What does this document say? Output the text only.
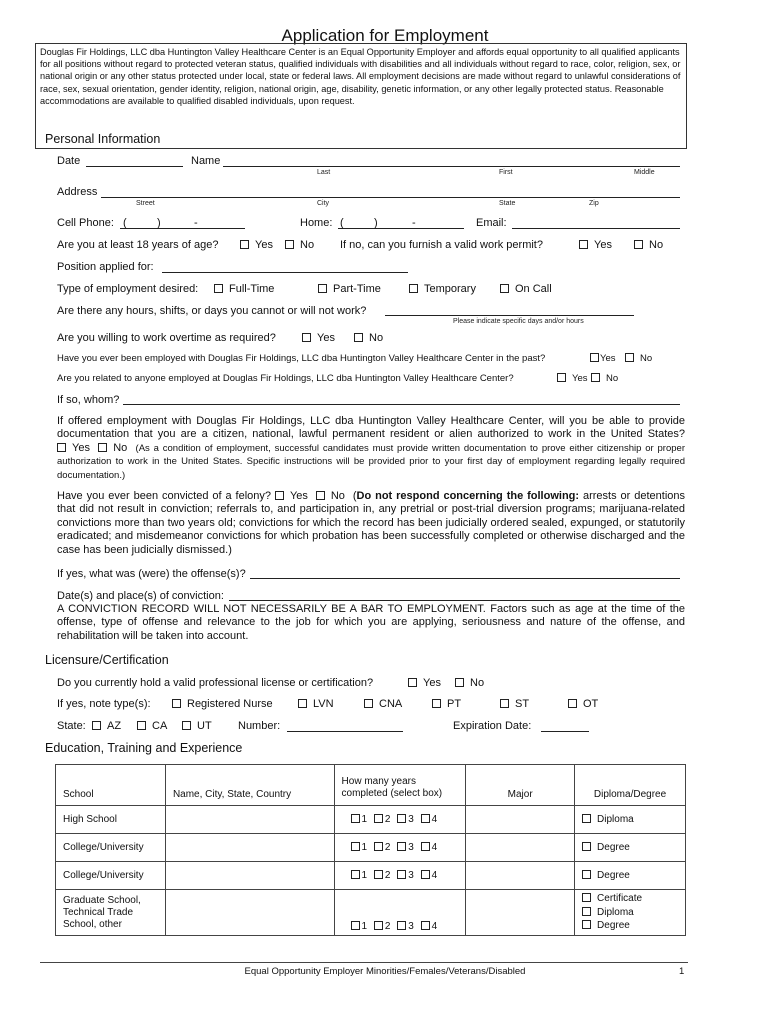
Application for Employment
Douglas Fir Holdings, LLC dba Huntington Valley Healthcare Center is an Equal Opportunity Employer and affords equal opportunity to all qualified applicants for all positions without regard to protected veteran status, qualified individuals with disabilities and all individuals without regard to race, color, religion, sex, or national origin or any other status protected under local, state or federal laws. All employment decisions are made without regard to unlawful considerations of race, sex, sexual orientation, gender identity, religion, national origin, age, disability, genetic information, or any other legally protected status. Reasonable accommodations are available to qualified disabled individuals, upon request.
Personal Information
Date	Name
Last	First	Middle
Address
Street	City	State	Zip
Cell Phone: (	)	-	Home: (	)	-	Email:
Are you at least 18 years of age?	Yes	No If no, can you furnish a valid work permit?	Yes	No
Position applied for:
Type of employment desired:	Full-Time	Part-Time	Temporary	On Call
Are there any hours, shifts, or days you cannot or will not work?
Please indicate specific days and/or hours
Are you willing to work overtime as required?	Yes	No
Have you ever been employed with Douglas Fir Holdings, LLC dba Huntington Valley Healthcare Center in the past?	Yes	No
Are you related to anyone employed at Douglas Fir Holdings, LLC dba Huntington Valley Healthcare Center?	Yes	No
If so, whom?
If offered employment with Douglas Fir Holdings, LLC dba Huntington Valley Healthcare Center, will you be able to provide documentation that you are a citizen, national, lawful permanent resident or alien authorized to work in the United States? Yes No (As a condition of employment, successful candidates must provide written documentation to prove either citizenship or proper authorization to work in the United States. Specific instructions will be provided prior to your first day of employment regarding legally required documentation.)
Have you ever been convicted of a felony? Yes No (Do not respond concerning the following: arrests or detentions that did not result in conviction; referrals to, and participation in, any pretrial or post-trial diversion programs; marijuana-related convictions more than two years old; convictions for which the record has been judicially ordered sealed, expunged, or statutorily eradicated; and misdemeanor convictions for which probation has been successfully completed or otherwise discharged and the case has been judicially dismissed.)
If yes, what was (were) the offense(s)?
Date(s) and place(s) of conviction:
A CONVICTION RECORD WILL NOT NECESSARILY BE A BAR TO EMPLOYMENT. Factors such as age at the time of the offense, type of offense and relevance to the job for which you are applying, seriousness and nature of the offense, and rehabilitation will be taken into account.
Licensure/Certification
Do you currently hold a valid professional license or certification?	Yes	No
If yes, note type(s):	Registered Nurse	LVN	CNA	PT	ST	OT
State:	AZ	CA	UT Number:	Expiration Date:
Education, Training and Experience
School	Name, City, State, Country	How many years completed (select box)	Major	Diploma/Degree
High School		1 2 3 4		Diploma
College/University		1 2 3 4		Degree
College/University		1 2 3 4		Degree
Graduate School, Technical Trade School, other		1 2 3 4		Certificate
Diploma
Degree
Equal Opportunity Employer Minorities/Females/Veterans/Disabled	1
